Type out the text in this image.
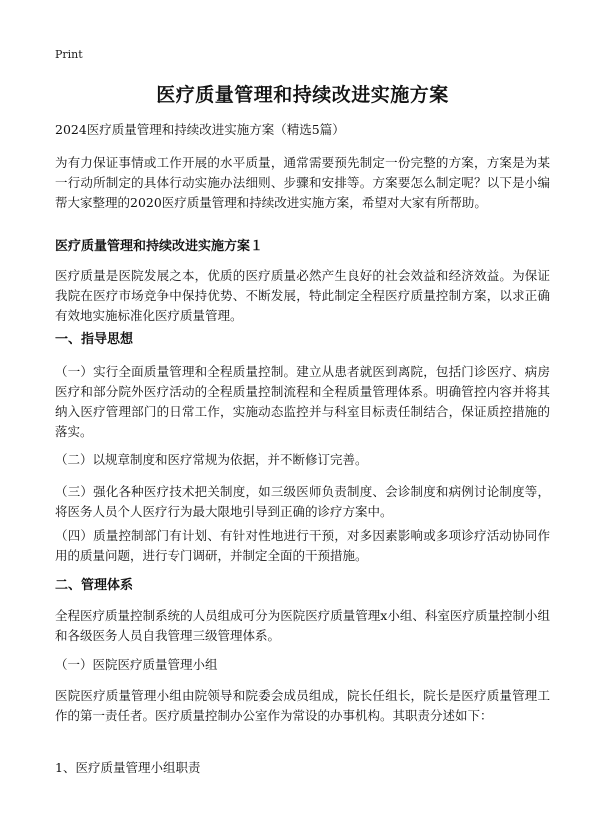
Print
医疗质量管理和持续改进实施方案
2024医疗质量管理和持续改进实施方案（精选5篇）
为有力保证事情或工作开展的水平质量，通常需要预先制定一份完整的方案，方案是为某一行动所制定的具体行动实施办法细则、步骤和安排等。方案要怎么制定呢？以下是小编帮大家整理的2020医疗质量管理和持续改进实施方案，希望对大家有所帮助。
医疗质量管理和持续改进实施方案１
医疗质量是医院发展之本，优质的医疗质量必然产生良好的社会效益和经济效益。为保证我院在医疗市场竞争中保持优势、不断发展，特此制定全程医疗质量控制方案，以求正确有效地实施标准化医疗质量管理。
一、指导思想
（一）实行全面质量管理和全程质量控制。建立从患者就医到离院，包括门诊医疗、病房医疗和部分院外医疗活动的全程质量控制流程和全程质量管理体系。明确管控内容并将其纳入医疗管理部门的日常工作，实施动态监控并与科室目标责任制结合，保证质控措施的落实。
（二）以规章制度和医疗常规为依据，并不断修订完善。
（三）强化各种医疗技术把关制度，如三级医师负责制度、会诊制度和病例讨论制度等，将医务人员个人医疗行为最大限地引导到正确的诊疗方案中。
（四）质量控制部门有计划、有针对性地进行干预，对多因素影响或多项诊疗活动协同作用的质量问题，进行专门调研，并制定全面的干预措施。
二、管理体系
全程医疗质量控制系统的人员组成可分为医院医疗质量管理x小组、科室医疗质量控制小组和各级医务人员自我管理三级管理体系。
（一）医院医疗质量管理小组
医院医疗质量管理小组由院领导和院委会成员组成，院长任组长，院长是医疗质量管理工作的第一责任者。医疗质量控制办公室作为常设的办事机构。其职责分述如下：
1、医疗质量管理小组职责
